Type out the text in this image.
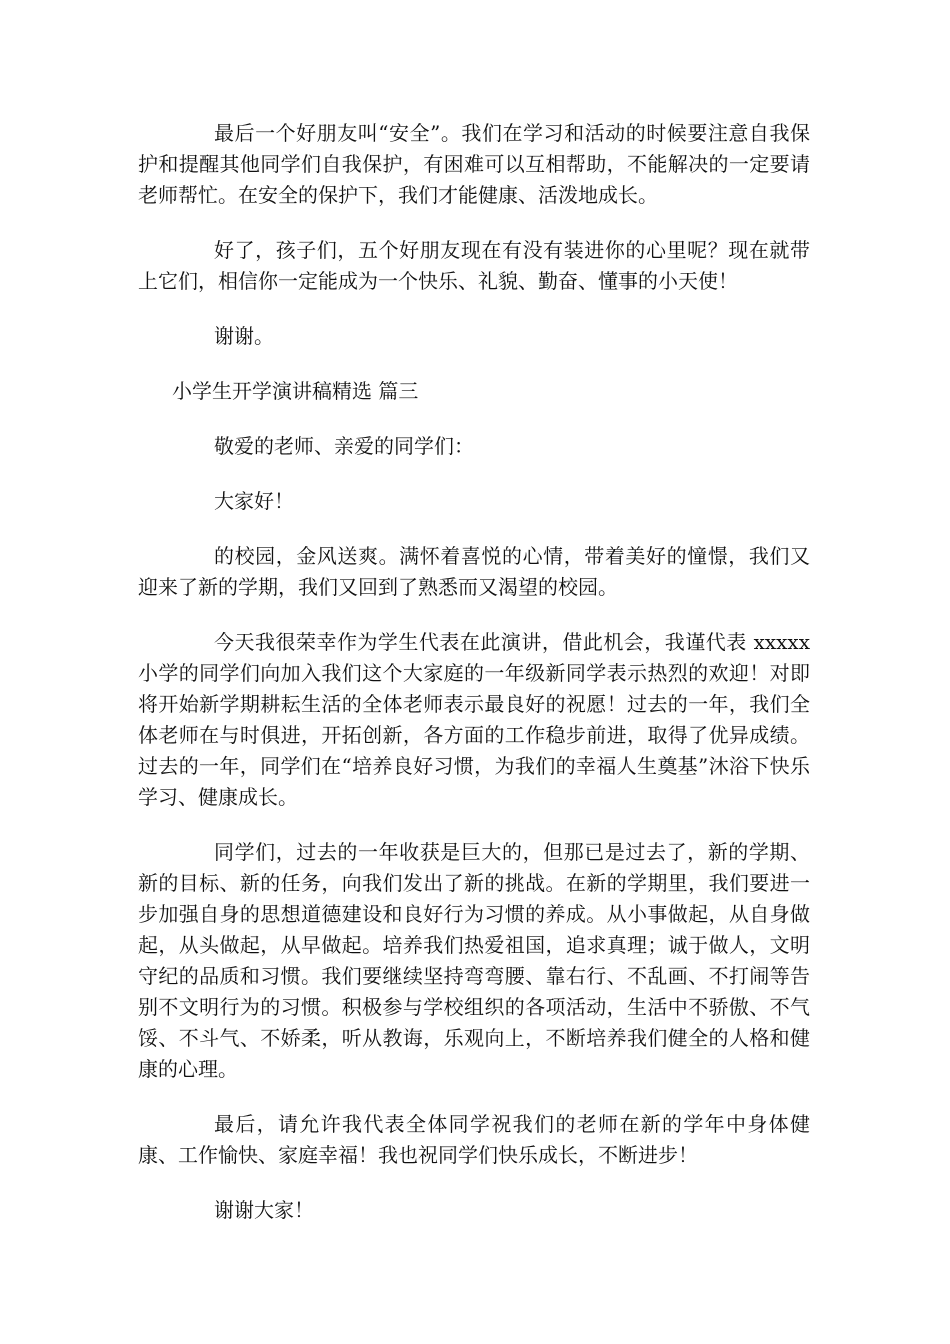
最后一个好朋友叫“安全”。我们在学习和活动的时候要注意自我保护和提醒其他同学们自我保护，有困难可以互相帮助，不能解决的一定要请老师帮忙。在安全的保护下，我们才能健康、活泼地成长。

好了，孩子们，五个好朋友现在有没有装进你的心里呢？现在就带上它们，相信你一定能成为一个快乐、礼貌、勤奋、懂事的小天使！

谢谢。

小学生开学演讲稿精选 篇三

敬爱的老师、亲爱的同学们：

大家好！

的校园，金风送爽。满怀着喜悦的心情，带着美好的憧憬，我们又迎来了新的学期，我们又回到了熟悉而又渴望的校园。

今天我很荣幸作为学生代表在此演讲，借此机会，我谨代表 xxxxx 小学的同学们向加入我们这个大家庭的一年级新同学表示热烈的欢迎！对即将开始新学期耕耘生活的全体老师表示最良好的祝愿！过去的一年，我们全体老师在与时俱进，开拓创新，各方面的工作稳步前进，取得了优异成绩。过去的一年，同学们在“培养良好习惯，为我们的幸福人生奠基”沐浴下快乐学习、健康成长。

同学们，过去的一年收获是巨大的，但那已是过去了，新的学期、新的目标、新的任务，向我们发出了新的挑战。在新的学期里，我们要进一步加强自身的思想道德建设和良好行为习惯的养成。从小事做起，从自身做起，从头做起，从早做起。培养我们热爱祖国，追求真理；诚于做人，文明守纪的品质和习惯。我们要继续坚持弯弯腰、靠右行、不乱画、不打闹等告别不文明行为的习惯。积极参与学校组织的各项活动，生活中不骄傲、不气馁、不斗气、不娇柔，听从教诲，乐观向上，不断培养我们健全的人格和健康的心理。

最后，请允许我代表全体同学祝我们的老师在新的学年中身体健康、工作愉快、家庭幸福！我也祝同学们快乐成长，不断进步！

谢谢大家！
